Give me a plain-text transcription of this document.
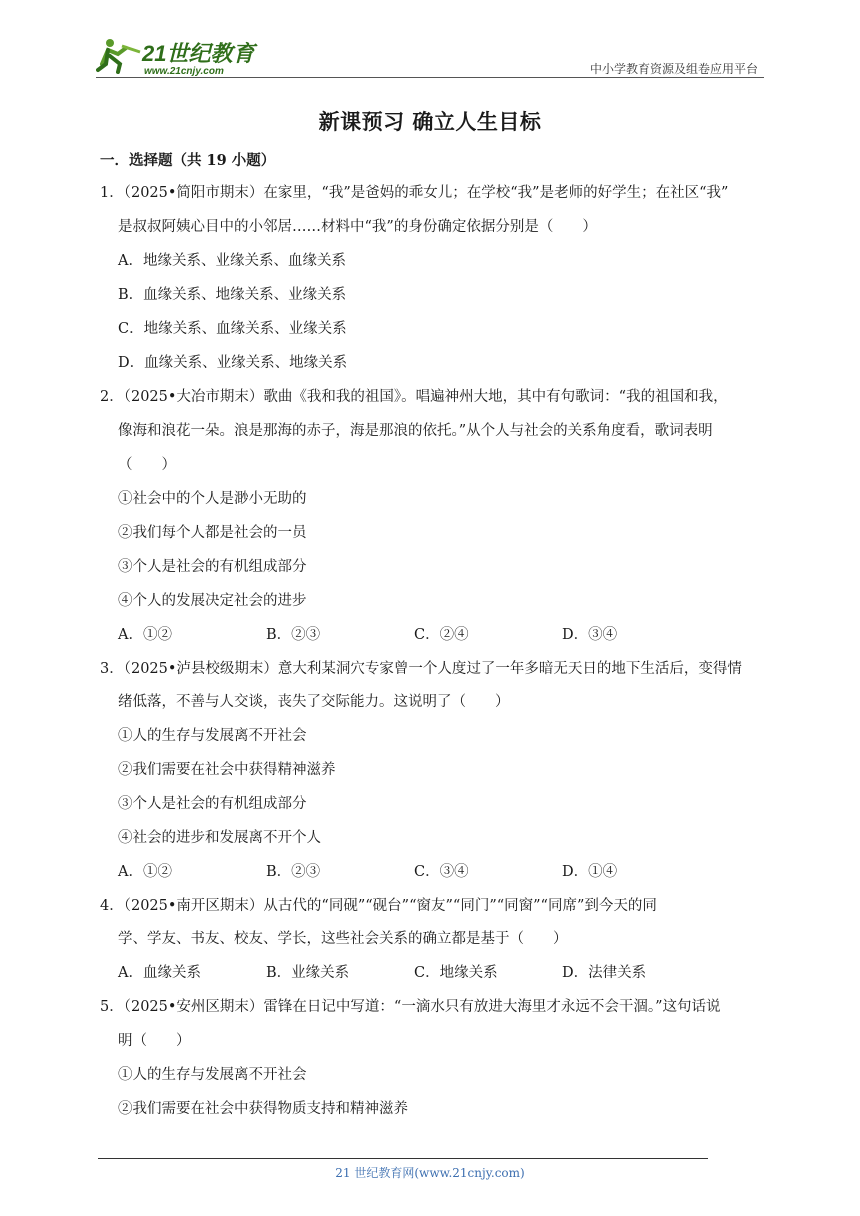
21世纪教育
www.21cnjy.com	中小学教育资源及组卷应用平台
新课预习 确立人生目标
一．选择题（共 19 小题）
1．（2025•简阳市期末）在家里，“我”是爸妈的乖女儿；在学校“我”是老师的好学生；在社区“我”
是叔叔阿姨心目中的小邻居……材料中“我”的身份确定依据分别是（　　）
A．地缘关系、业缘关系、血缘关系
B．血缘关系、地缘关系、业缘关系
C．地缘关系、血缘关系、业缘关系
D．血缘关系、业缘关系、地缘关系
2．（2025•大冶市期末）歌曲《我和我的祖国》。唱遍神州大地，其中有句歌词：“我的祖国和我，
像海和浪花一朵。浪是那海的赤子，海是那浪的依托。”从个人与社会的关系角度看，歌词表明
（　　）
①社会中的个人是渺小无助的
②我们每个人都是社会的一员
③个人是社会的有机组成部分
④个人的发展决定社会的进步
A．①②	B．②③	C．②④	D．③④
3．（2025•泸县校级期末）意大利某洞穴专家曾一个人度过了一年多暗无天日的地下生活后，变得情
绪低落，不善与人交谈，丧失了交际能力。这说明了（　　）
①人的生存与发展离不开社会
②我们需要在社会中获得精神滋养
③个人是社会的有机组成部分
④社会的进步和发展离不开个人
A．①②	B．②③	C．③④	D．①④
4．（2025•南开区期末）从古代的“同砚”“砚台”“窗友”“同门”“同窗”“同席”到今天的同
学、学友、书友、校友、学长，这些社会关系的确立都是基于（　　）
A．血缘关系	B．业缘关系	C．地缘关系	D．法律关系
5．（2025•安州区期末）雷锋在日记中写道：“一滴水只有放进大海里才永远不会干涸。”这句话说
明（　　）
①人的生存与发展离不开社会
②我们需要在社会中获得物质支持和精神滋养
21 世纪教育网(www.21cnjy.com)
